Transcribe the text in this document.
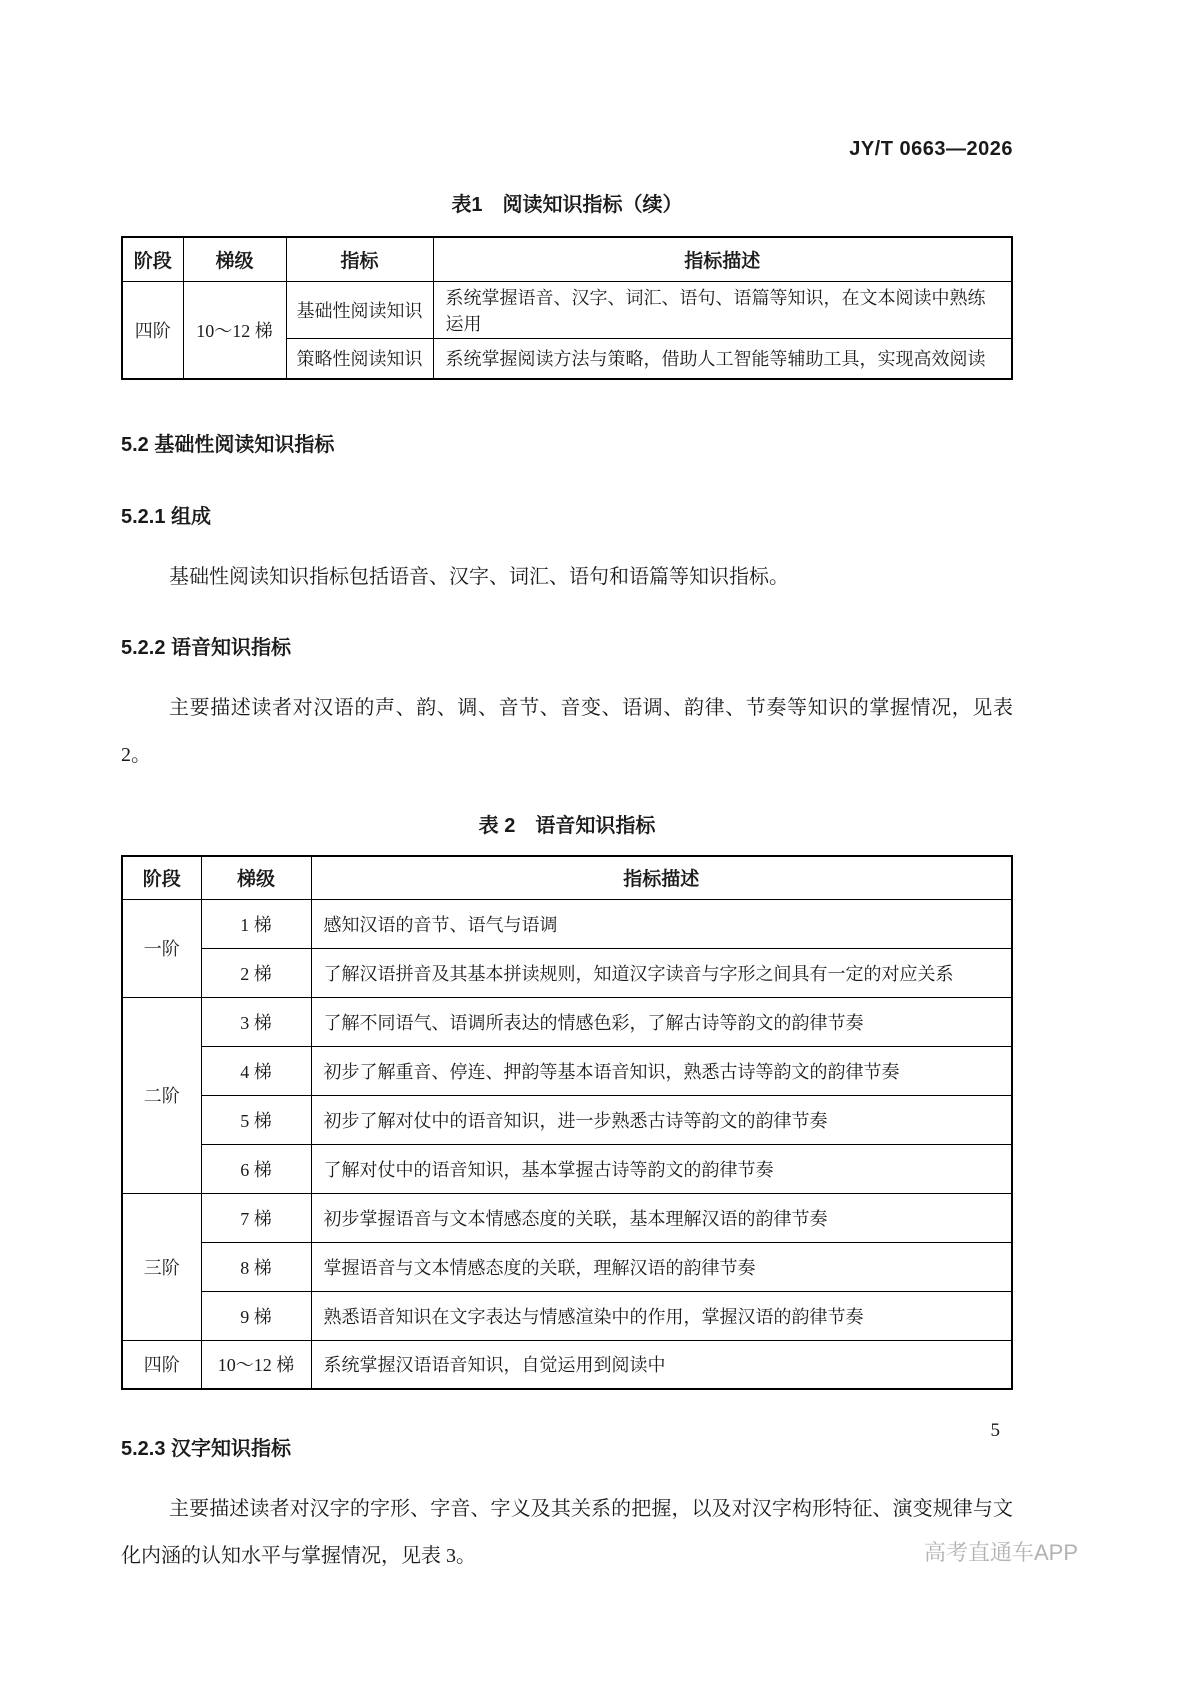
JY/T 0663—2026
表1　阅读知识指标（续）
阶段	梯级	指标	指标描述
四阶	10～12 梯	基础性阅读知识	系统掌握语音、汉字、词汇、语句、语篇等知识，在文本阅读中熟练运用
		策略性阅读知识	系统掌握阅读方法与策略，借助人工智能等辅助工具，实现高效阅读
5.2 基础性阅读知识指标
5.2.1 组成
基础性阅读知识指标包括语音、汉字、词汇、语句和语篇等知识指标。
5.2.2 语音知识指标
主要描述读者对汉语的声、韵、调、音节、音变、语调、韵律、节奏等知识的掌握情况，见表 2。
表 2　语音知识指标
阶段	梯级	指标描述
一阶	1 梯	感知汉语的音节、语气与语调
	2 梯	了解汉语拼音及其基本拼读规则，知道汉字读音与字形之间具有一定的对应关系
二阶	3 梯	了解不同语气、语调所表达的情感色彩，了解古诗等韵文的韵律节奏
	4 梯	初步了解重音、停连、押韵等基本语音知识，熟悉古诗等韵文的韵律节奏
	5 梯	初步了解对仗中的语音知识，进一步熟悉古诗等韵文的韵律节奏
	6 梯	了解对仗中的语音知识，基本掌握古诗等韵文的韵律节奏
三阶	7 梯	初步掌握语音与文本情感态度的关联，基本理解汉语的韵律节奏
	8 梯	掌握语音与文本情感态度的关联，理解汉语的韵律节奏
	9 梯	熟悉语音知识在文字表达与情感渲染中的作用，掌握汉语的韵律节奏
四阶	10～12 梯	系统掌握汉语语音知识，自觉运用到阅读中
5.2.3 汉字知识指标
主要描述读者对汉字的字形、字音、字义及其关系的把握，以及对汉字构形特征、演变规律与文化内涵的认知水平与掌握情况，见表 3。
5
高考直通车APP
